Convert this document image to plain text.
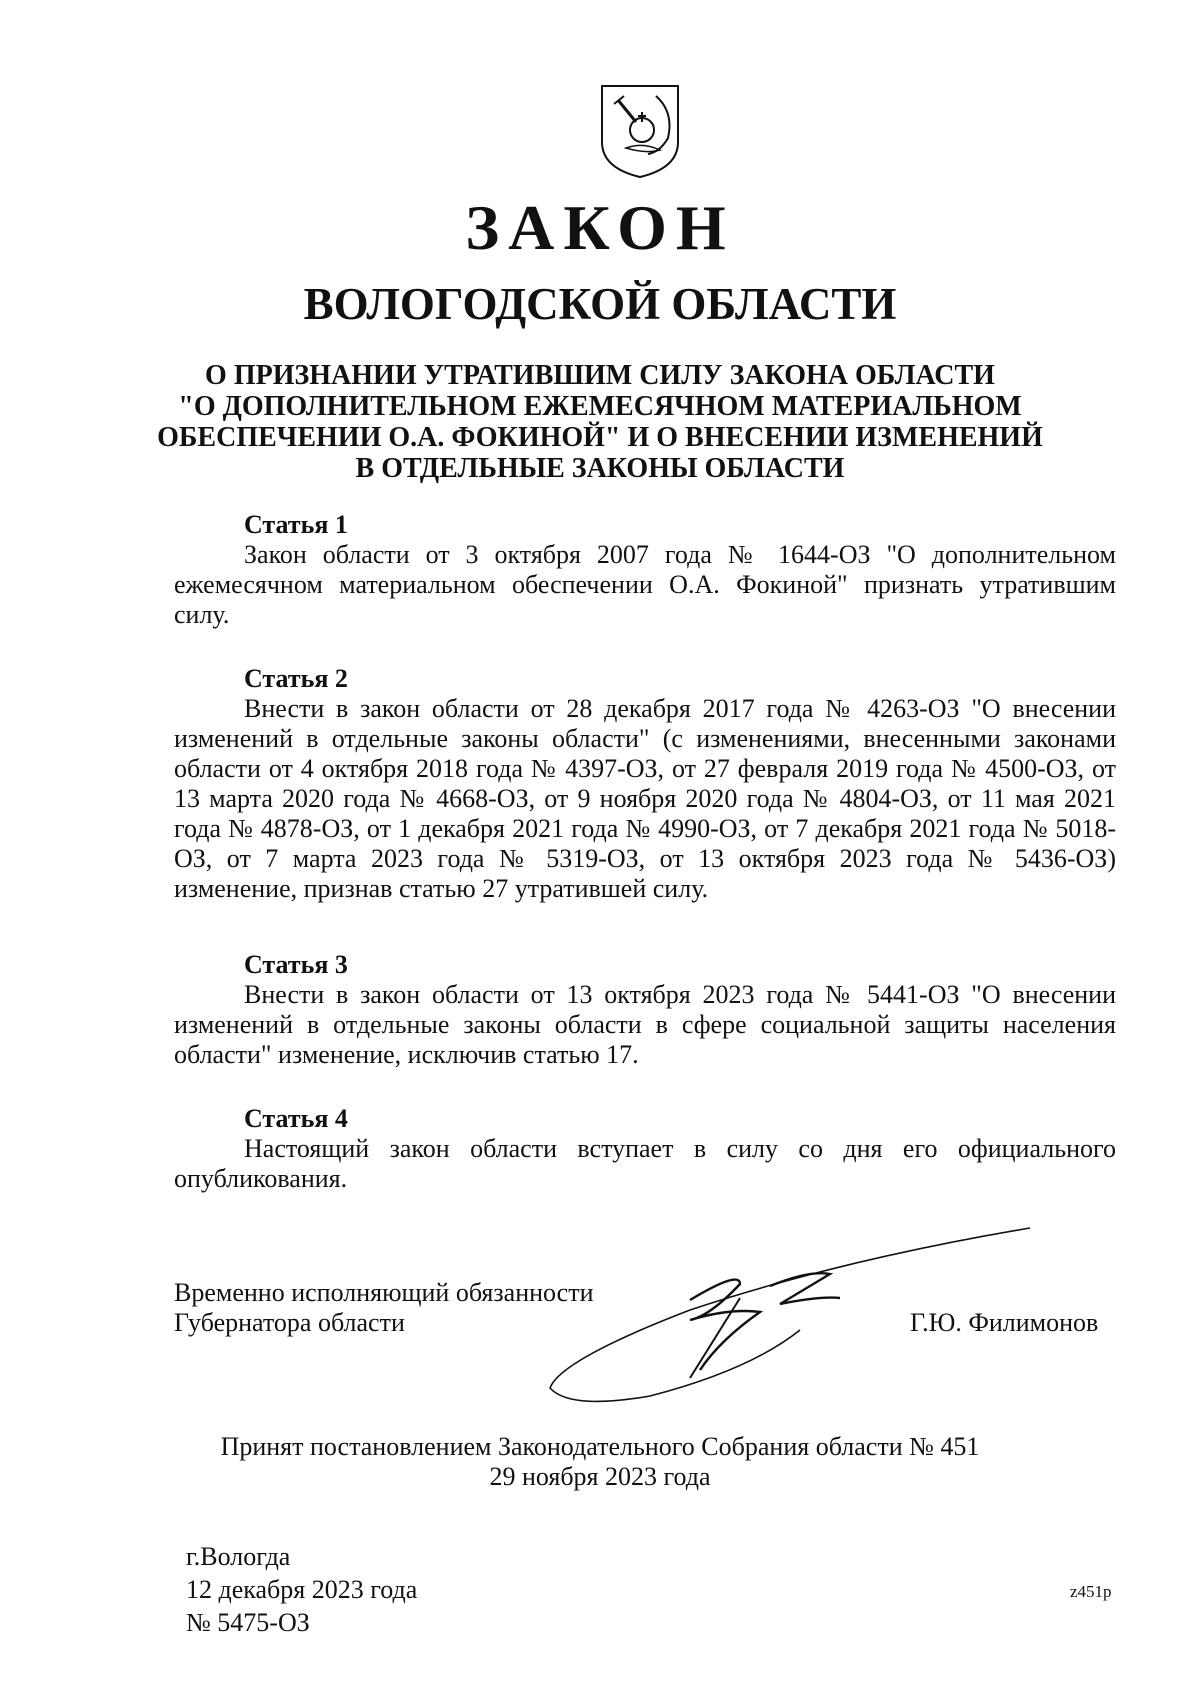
ЗАКОН
ВОЛОГОДСКОЙ ОБЛАСТИ
О ПРИЗНАНИИ УТРАТИВШИМ СИЛУ ЗАКОНА ОБЛАСТИ
"О ДОПОЛНИТЕЛЬНОМ ЕЖЕМЕСЯЧНОМ МАТЕРИАЛЬНОМ
ОБЕСПЕЧЕНИИ О.А. ФОКИНОЙ" И О ВНЕСЕНИИ ИЗМЕНЕНИЙ
В ОТДЕЛЬНЫЕ ЗАКОНЫ ОБЛАСТИ
Статья 1

Закон области от 3 октября 2007 года № 1644-ОЗ "О дополнительном ежемесячном материальном обеспечении О.А. Фокиной" признать утратившим силу.

Статья 2

Внести в закон области от 28 декабря 2017 года № 4263-ОЗ "О внесении изменений в отдельные законы области" (с изменениями, внесенными законами области от 4 октября 2018 года № 4397-ОЗ, от 27 февраля 2019 года № 4500-ОЗ, от 13 марта 2020 года № 4668-ОЗ, от 9 ноября 2020 года № 4804-ОЗ, от 11 мая 2021 года № 4878-ОЗ, от 1 декабря 2021 года № 4990-ОЗ, от 7 декабря 2021 года № 5018-ОЗ, от 7 марта 2023 года № 5319-ОЗ, от 13 октября 2023 года № 5436-ОЗ) изменение, признав статью 27 утратившей силу.

Статья 3

Внести в закон области от 13 октября 2023 года № 5441-ОЗ "О внесении изменений в отдельные законы области в сфере социальной защиты населения области" изменение, исключив статью 17.

Статья 4

Настоящий закон области вступает в силу со дня его официального опубликования.

Временно исполняющий обязанности
Губернатора области	Г.Ю. Филимонов
Принят постановлением Законодательного Собрания области № 451
29 ноября 2023 года
г.Вологда
12 декабря 2023 года
№ 5475-ОЗ
z451p
